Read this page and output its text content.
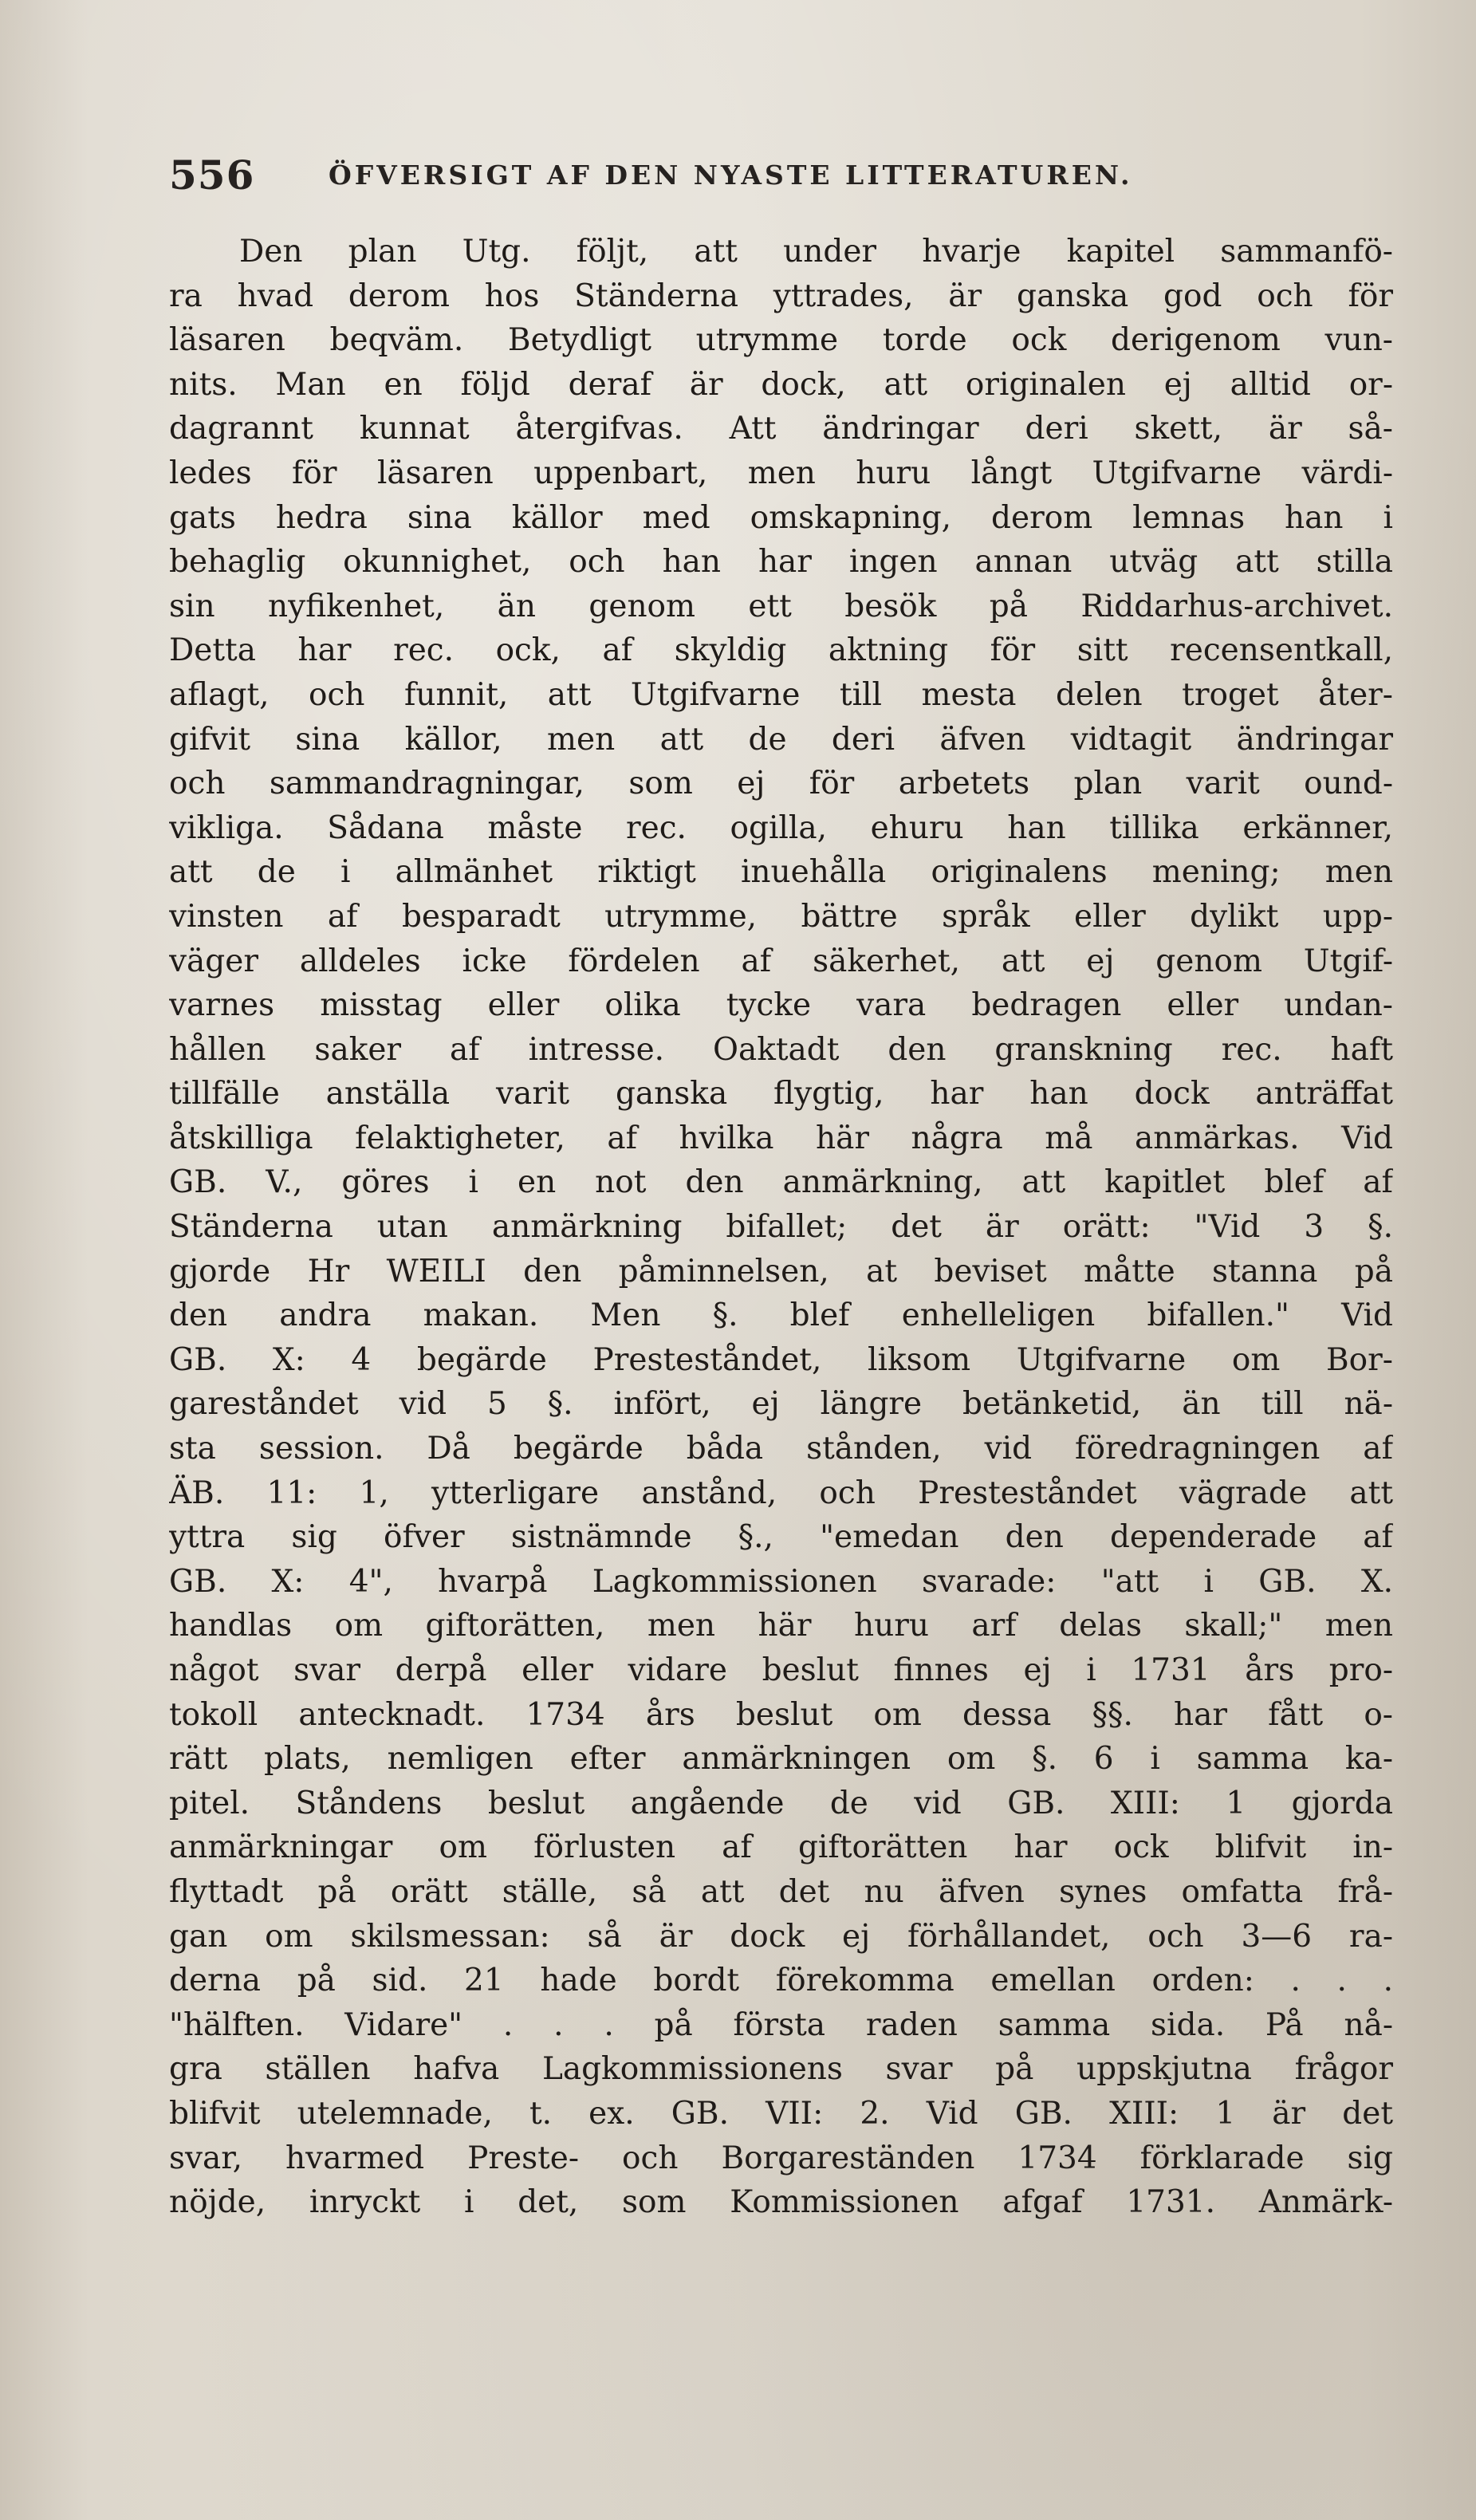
556	ÖFVERSIGT AF DEN NYASTE LITTERATUREN.
Den plan Utg. följt, att under hvarje kapitel sammanfö-
ra hvad derom hos Ständerna yttrades, är ganska god och för
läsaren beqväm. Betydligt utrymme torde ock derigenom vun-
nits. Man en följd deraf är dock, att originalen ej alltid or-
dagrannt kunnat återgifvas. Att ändringar deri skett, är så-
ledes för läsaren uppenbart, men huru långt Utgifvarne värdi-
gats hedra sina källor med omskapning, derom lemnas han i
behaglig okunnighet, och han har ingen annan utväg att stilla
sin nyfikenhet, än genom ett besök på Riddarhus-archivet.
Detta har rec. ock, af skyldig aktning för sitt recensentkall,
aflagt, och funnit, att Utgifvarne till mesta delen troget åter-
gifvit sina källor, men att de deri äfven vidtagit ändringar
och sammandragningar, som ej för arbetets plan varit ound-
vikliga. Sådana måste rec. ogilla, ehuru han tillika erkänner,
att de i allmänhet riktigt inuehålla originalens mening; men
vinsten af besparadt utrymme, bättre språk eller dylikt upp-
väger alldeles icke fördelen af säkerhet, att ej genom Utgif-
varnes misstag eller olika tycke vara bedragen eller undan-
hållen saker af intresse. Oaktadt den granskning rec. haft
tillfälle anställa varit ganska flygtig, har han dock anträffat
åtskilliga felaktigheter, af hvilka här några må anmärkas. Vid
GB. V., göres i en not den anmärkning, att kapitlet blef af
Ständerna utan anmärkning bifallet; det är orätt: "Vid 3 §.
gjorde Hr WEILI den påminnelsen, at beviset måtte stanna på
den andra makan. Men §. blef enhelleligen bifallen." Vid
GB. X: 4 begärde Presteståndet, liksom Utgifvarne om Bor-
gareståndet vid 5 §. infört, ej längre betänketid, än till nä-
sta session. Då begärde båda stånden, vid föredragningen af
ÄB. 11: 1, ytterligare anstånd, och Presteståndet vägrade att
yttra sig öfver sistnämnde §., "emedan den dependerade af
GB. X: 4", hvarpå Lagkommissionen svarade: "att i GB. X.
handlas om giftorätten, men här huru arf delas skall;" men
något svar derpå eller vidare beslut finnes ej i 1731 års pro-
tokoll antecknadt. 1734 års beslut om dessa §§. har fått o-
rätt plats, nemligen efter anmärkningen om §. 6 i samma ka-
pitel. Ståndens beslut angående de vid GB. XIII: 1 gjorda
anmärkningar om förlusten af giftorätten har ock blifvit in-
flyttadt på orätt ställe, så att det nu äfven synes omfatta frå-
gan om skilsmessan: så är dock ej förhållandet, och 3—6 ra-
derna på sid. 21 hade bordt förekomma emellan orden: . . .
"hälften. Vidare" . . . på första raden samma sida. På nå-
gra ställen hafva Lagkommissionens svar på uppskjutna frågor
blifvit utelemnade, t. ex. GB. VII: 2. Vid GB. XIII: 1 är det
svar, hvarmed Preste- och Borgareständen 1734 förklarade sig
nöjde, inryckt i det, som Kommissionen afgaf 1731. Anmärk-
